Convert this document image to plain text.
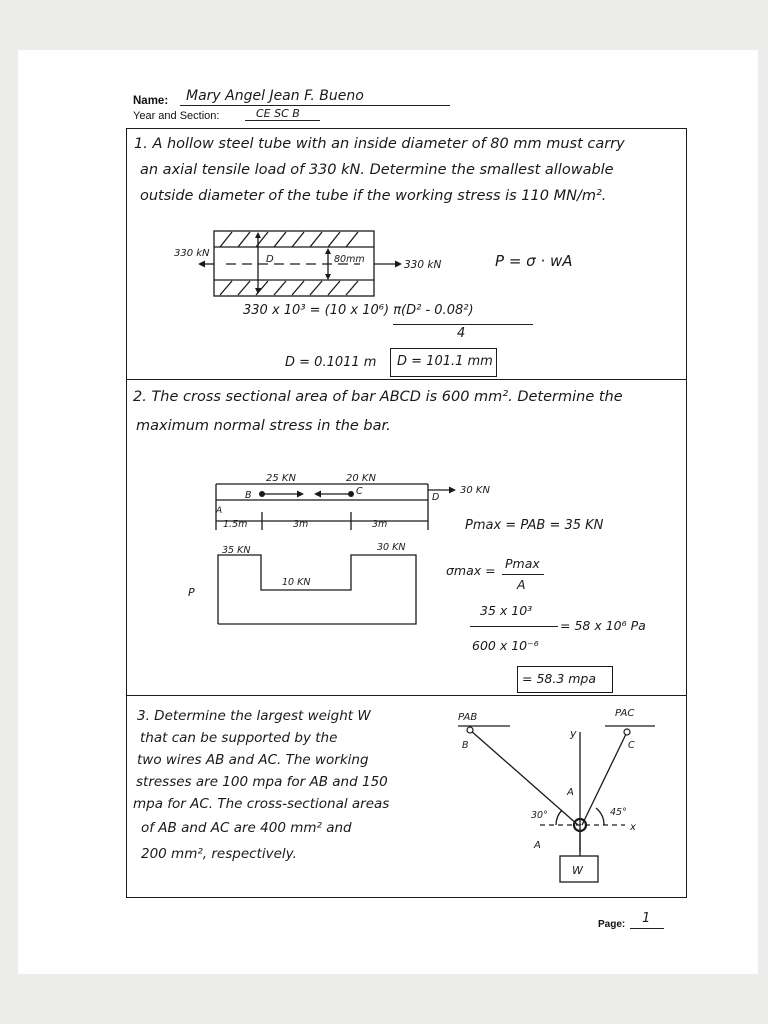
Name: Mary Angel Jean F. Bueno
Year and Section:	CE SC B
1. A hollow steel tube with an inside diameter of 80 mm must carry
an axial tensile load of 330 kN. Determine the smallest allowable
outside diameter of the tube if the working stress is 110 MN/m².
330 kN
330 kN
D	80mm	P = σ · wA
330 x 10³ = (10 x 10⁶) π(D² - 0.08²)
4
D = 0.1011 m D = 101.1 mm
2. The cross sectional area of bar ABCD is 600 mm². Determine the
maximum normal stress in the bar.
25 KN	20 KN
30 KN
A
B	C
D
1.5m	3m	3m
35 KN
10 KN
30 KN
P
Pmax = PAB = 35 KN
σmax = Pmax
A
35 x 10³
600 x 10⁻⁶
= 58 x 10⁶ Pa
= 58.3 mpa
3. Determine the largest weight W
that can be supported by the
two wires AB and AC. The working
stresses are 100 mpa for AB and 150
mpa for AC. The cross-sectional areas
of AB and AC are 400 mm² and
200 mm², respectively.
PAB	PAC
B	C
y
x
A
A
30°	45°
W
Page: 1
